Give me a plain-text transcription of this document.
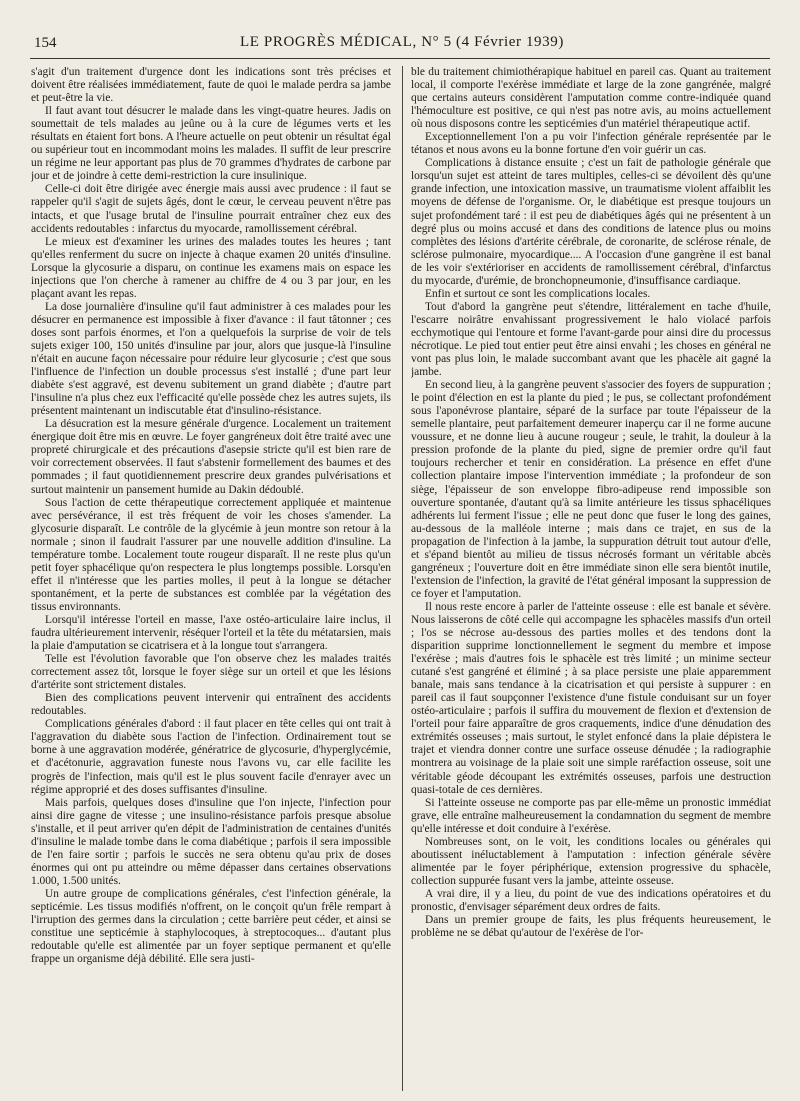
154	LE PROGRÈS MÉDICAL, N° 5 (4 Février 1939)

s'agit d'un traitement d'urgence dont les indications sont très précises et doivent être réalisées immédiatement, faute de quoi le malade perdra sa jambe et peut-être la vie.

Il faut avant tout désucrer le malade dans les vingt-quatre heures. Jadis on soumettait de tels malades au jeûne ou à la cure de légumes verts et les résultats en étaient fort bons. A l'heure actuelle on peut obtenir un résultat égal ou supérieur tout en incommodant moins les malades. Il suffit de leur prescrire un régime ne leur apportant pas plus de 70 grammes d'hydrates de carbone par jour et de joindre à cette demi-restriction la cure insulinique.

Celle-ci doit être dirigée avec énergie mais aussi avec prudence : il faut se rappeler qu'il s'agit de sujets âgés, dont le cœur, le cerveau peuvent n'être pas intacts, et que l'usage brutal de l'insuline pourrait entraîner chez eux des accidents redoutables : infarctus du myocarde, ramollissement cérébral.

Le mieux est d'examiner les urines des malades toutes les heures ; tant qu'elles renferment du sucre on injecte à chaque examen 20 unités d'insuline. Lorsque la glycosurie a disparu, on continue les examens mais on espace les injections que l'on cherche à ramener au chiffre de 4 ou 3 par jour, en les plaçant avant les repas.

La dose journalière d'insuline qu'il faut administrer à ces malades pour les désucrer en permanence est impossible à fixer d'avance : il faut tâtonner ; ces doses sont parfois énormes, et l'on a quelquefois la surprise de voir de tels sujets exiger 100, 150 unités d'insuline par jour, alors que jusque-là l'insuline n'était en aucune façon nécessaire pour réduire leur glycosurie ; c'est que sous l'influence de l'infection un double processus s'est installé ; d'une part leur diabète s'est aggravé, est devenu subitement un grand diabète ; d'autre part l'insuline n'a plus chez eux l'efficacité qu'elle possède chez les autres sujets, ils présentent maintenant un indiscutable état d'insulino-résistance.

La désucration est la mesure générale d'urgence. Localement un traitement énergique doit être mis en œuvre. Le foyer gangréneux doit être traité avec une propreté chirurgicale et des précautions d'asepsie stricte qu'il est bien rare de voir correctement observées. Il faut s'abstenir formellement des baumes et des pommades ; il faut quotidiennement prescrire deux grandes pulvérisations et surtout maintenir un pansement humide au Dakin dédoublé.

Sous l'action de cette thérapeutique correctement appliquée et maintenue avec persévérance, il est très fréquent de voir les choses s'amender. La glycosurie disparaît. Le contrôle de la glycémie à jeun montre son retour à la normale ; sinon il faudrait l'assurer par une nouvelle addition d'insuline. La température tombe. Localement toute rougeur disparaît. Il ne reste plus qu'un petit foyer sphacélique qu'on respectera le plus longtemps possible. Lorsqu'en effet il n'intéresse que les parties molles, il peut à la longue se détacher spontanément, et la perte de substances est comblée par la végétation des tissus environnants.

Lorsqu'il intéresse l'orteil en masse, l'axe ostéo-articulaire laire inclus, il faudra ultérieurement intervenir, réséquer l'orteil et la tête du métatarsien, mais la plaie d'amputation se cicatrisera et à la longue tout s'arrangera.

Telle est l'évolution favorable que l'on observe chez les malades traités correctement assez tôt, lorsque le foyer siège sur un orteil et que les lésions d'artérite sont strictement distales.

Bien des complications peuvent intervenir qui entraînent des accidents redoutables.

Complications générales d'abord : il faut placer en tête celles qui ont trait à l'aggravation du diabète sous l'action de l'infection. Ordinairement tout se borne à une aggravation modérée, génératrice de glycosurie, d'hyperglycémie, et d'acétonurie, aggravation funeste nous l'avons vu, car elle facilite les progrès de l'infection, mais qu'il est le plus souvent facile d'enrayer avec un régime approprié et des doses suffisantes d'insuline.

Mais parfois, quelques doses d'insuline que l'on injecte, l'infection pour ainsi dire gagne de vitesse ; une insulino-résistance parfois presque absolue s'installe, et il peut arriver qu'en dépit de l'administration de centaines d'unités d'insuline le malade tombe dans le coma diabétique ; parfois il sera impossible de l'en faire sortir ; parfois le succès ne sera obtenu qu'au prix de doses énormes qui ont pu atteindre ou même dépasser dans certaines observations 1.000, 1.500 unités.

Un autre groupe de complications générales, c'est l'infection générale, la septicémie. Les tissus modifiés n'offrent, on le conçoit qu'un frêle rempart à l'irruption des germes dans la circulation ; cette barrière peut céder, et ainsi se constitue une septicémie à staphylocoques, à streptocoques... d'autant plus redoutable qu'elle est alimentée par un foyer septique permanent et qu'elle frappe un organisme déjà débilité. Elle sera justi-

ble du traitement chimiothérapique habituel en pareil cas. Quant au traitement local, il comporte l'exérèse immédiate et large de la zone gangrénée, malgré que certains auteurs considèrent l'amputation comme contre-indiquée quand l'hémoculture est positive, ce qui n'est pas notre avis, au moins actuellement où nous disposons contre les septicémies d'un matériel thérapeutique actif.

Exceptionnellement l'on a pu voir l'infection générale représentée par le tétanos et nous avons eu la bonne fortune d'en voir guérir un cas.

Complications à distance ensuite ; c'est un fait de pathologie générale que lorsqu'un sujet est atteint de tares multiples, celles-ci se dévoilent dès qu'une grande infection, une intoxication massive, un traumatisme violent affaiblit les moyens de défense de l'organisme. Or, le diabétique est presque toujours un sujet profondément taré : il est peu de diabétiques âgés qui ne présentent à un degré plus ou moins accusé et dans des conditions de latence plus ou moins complètes des lésions d'artérite cérébrale, de coronarite, de sclérose rénale, de sclérose pulmonaire, myocardique.... A l'occasion d'une gangrène il est banal de les voir s'extérioriser en accidents de ramollissement cérébral, d'infarctus du myocarde, d'urémie, de bronchopneumonie, d'insuffisance cardiaque.

Enfin et surtout ce sont les complications locales.

Tout d'abord la gangrène peut s'étendre, littéralement en tache d'huile, l'escarre noirâtre envahissant progressivement le halo violacé parfois ecchymotique qui l'entoure et forme l'avant-garde pour ainsi dire du processus nécrotique. Le pied tout entier peut être ainsi envahi ; les choses en général ne vont pas plus loin, le malade succombant avant que les phacèle ait gagné la jambe.

En second lieu, à la gangrène peuvent s'associer des foyers de suppuration ; le point d'élection en est la plante du pied ; le pus, se collectant profondément sous l'aponévrose plantaire, séparé de la surface par toute l'épaisseur de la semelle plantaire, peut parfaitement demeurer inaperçu car il ne forme aucune voussure, et ne donne lieu à aucune rougeur ; seule, le trahit, la douleur à la pression profonde de la plante du pied, signe de premier ordre qu'il faut toujours rechercher et tenir en considération. La présence en effet d'une collection plantaire impose l'intervention immédiate ; la profondeur de son siège, l'épaisseur de son enveloppe fibro-adipeuse rend impossible son ouverture spontanée, d'autant qu'à sa limite antérieure les tissus sphacéliques adhérents lui ferment l'issue ; elle ne peut donc que fuser le long des gaines, au-dessous de la malléole interne ; mais dans ce trajet, en sus de la propagation de l'infection à la jambe, la suppuration détruit tout autour d'elle, et s'épand bientôt au milieu de tissus nécrosés formant un véritable abcès gangréneux ; l'ouverture doit en être immédiate sinon elle sera bientôt inutile, l'extension de l'infection, la gravité de l'état général imposant la suppression de ce foyer et l'amputation.

Il nous reste encore à parler de l'atteinte osseuse : elle est banale et sévère. Nous laisserons de côté celle qui accompagne les sphacèles massifs d'un orteil ; l'os se nécrose au-dessous des parties molles et des tendons dont la disparition supprime lonctionnellement le segment du membre et impose l'exérèse ; mais d'autres fois le sphacèle est très limité ; un minime secteur cutané s'est gangréné et éliminé ; à sa place persiste une plaie apparemment banale, mais sans tendance à la cicatrisation et qui persiste à suppurer : en pareil cas il faut soupçonner l'existence d'une fistule conduisant sur un foyer ostéo-articulaire ; parfois il suffira du mouvement de flexion et d'extension de l'orteil pour faire apparaître de gros craquements, indice d'une dénudation des extrémités osseuses ; mais surtout, le stylet enfoncé dans la plaie dépistera le trajet et viendra donner contre une surface osseuse dénudée ; la radiographie montrera au voisinage de la plaie soit une simple raréfaction osseuse, soit une véritable géode découpant les extrémités osseuses, parfois une destruction quasi-totale de ces dernières.

Si l'atteinte osseuse ne comporte pas par elle-même un pronostic immédiat grave, elle entraîne malheureusement la condamnation du segment de membre qu'elle intéresse et doit conduire à l'exérèse.

Nombreuses sont, on le voit, les conditions locales ou générales qui aboutissent inéluctablement à l'amputation : infection générale sévère alimentée par le foyer périphérique, extension progressive du sphacèle, collection suppurée fusant vers la jambe, atteinte osseuse.

A vrai dire, il y a lieu, du point de vue des indications opératoires et du pronostic, d'envisager séparément deux ordres de faits.

Dans un premier groupe de faits, les plus fréquents heureusement, le problème ne se débat qu'autour de l'exérèse de l'or-
